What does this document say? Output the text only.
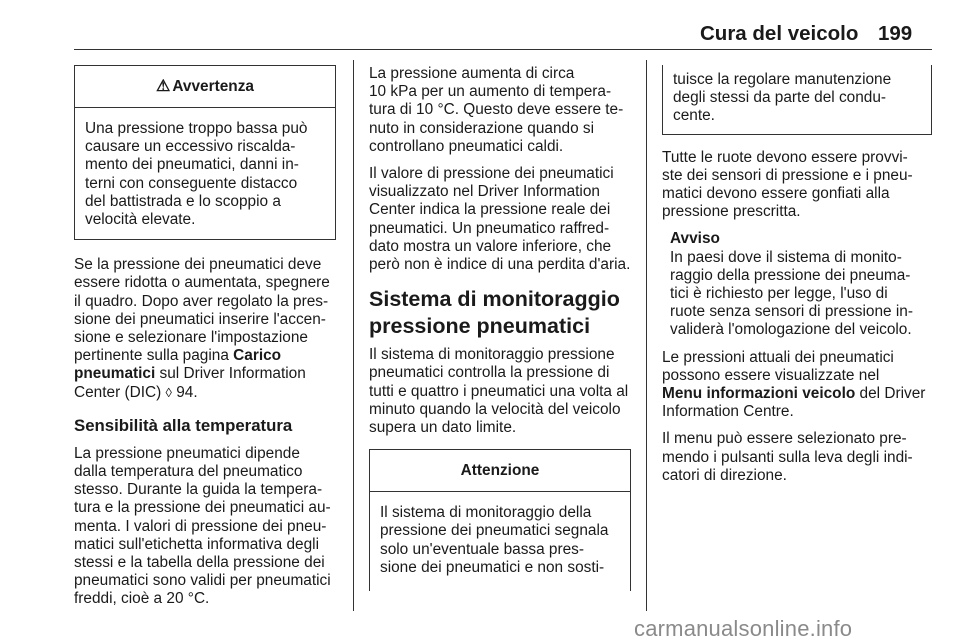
Cura del veicolo 199
⚠ Avvertenza
Una pressione troppo bassa può
causare un eccessivo riscalda-
mento dei pneumatici, danni in-
terni con conseguente distacco
del battistrada e lo scoppio a
velocità elevate.

Se la pressione dei pneumatici deve
essere ridotta o aumentata, spegnere
il quadro. Dopo aver regolato la pres-
sione dei pneumatici inserire l'accen-
sione e selezionare l'impostazione
pertinente sulla pagina Carico
pneumatici sul Driver Information
Center (DIC) ◊ 94.

Sensibilità alla temperatura

La pressione pneumatici dipende
dalla temperatura del pneumatico
stesso. Durante la guida la tempera-
tura e la pressione dei pneumatici au-
menta. I valori di pressione dei pneu-
matici sull'etichetta informativa degli
stessi e la tabella della pressione dei
pneumatici sono validi per pneumatici
freddi, cioè a 20 °C.

La pressione aumenta di circa
10 kPa per un aumento di tempera-
tura di 10 °C. Questo deve essere te-
nuto in considerazione quando si
controllano pneumatici caldi.

Il valore di pressione dei pneumatici
visualizzato nel Driver Information
Center indica la pressione reale dei
pneumatici. Un pneumatico raffred-
dato mostra un valore inferiore, che
però non è indice di una perdita d'aria.

Sistema di monitoraggio
pressione pneumatici

Il sistema di monitoraggio pressione
pneumatici controlla la pressione di
tutti e quattro i pneumatici una volta al
minuto quando la velocità del veicolo
supera un dato limite.

Attenzione
Il sistema di monitoraggio della
pressione dei pneumatici segnala
solo un'eventuale bassa pres-
sione dei pneumatici e non sosti-
tuisce la regolare manutenzione
degli stessi da parte del condu-
cente.

Tutte le ruote devono essere provvi-
ste dei sensori di pressione e i pneu-
matici devono essere gonfiati alla
pressione prescritta.

Avviso
In paesi dove il sistema di monito-
raggio della pressione dei pneuma-
tici è richiesto per legge, l'uso di
ruote senza sensori di pressione in-
validerà l'omologazione del veicolo.

Le pressioni attuali dei pneumatici
possono essere visualizzate nel
Menu informazioni veicolo del Driver
Information Centre.

Il menu può essere selezionato pre-
mendo i pulsanti sulla leva degli indi-
catori di direzione.

carmanualsonline.info
